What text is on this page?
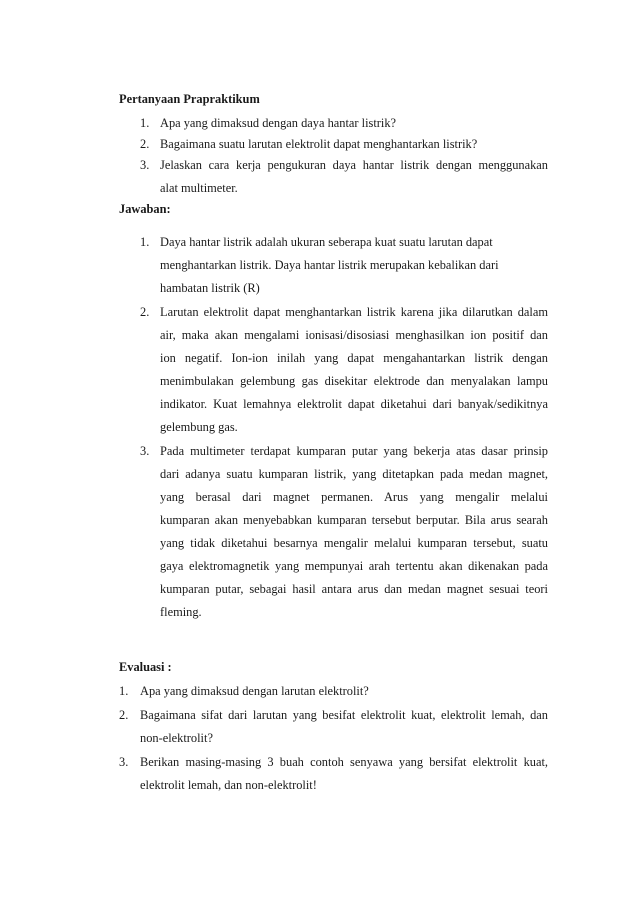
Pertanyaan Prapraktikum
1. Apa yang dimaksud dengan daya hantar listrik?
2. Bagaimana suatu larutan elektrolit dapat menghantarkan listrik?
3. Jelaskan cara kerja pengukuran daya hantar listrik dengan menggunakan
alat multimeter.
Jawaban:
1. Daya hantar listrik adalah ukuran seberapa kuat suatu larutan dapat
menghantarkan listrik. Daya hantar listrik merupakan kebalikan dari
hambatan listrik (R)
2. Larutan elektrolit dapat menghantarkan listrik karena jika dilarutkan dalam
air, maka akan mengalami ionisasi/disosiasi menghasilkan ion positif dan
ion negatif. Ion-ion inilah yang dapat mengahantarkan listrik dengan
menimbulakan gelembung gas disekitar elektrode dan menyalakan lampu
indikator. Kuat lemahnya elektrolit dapat diketahui dari banyak/sedikitnya
gelembung gas.
3. Pada multimeter terdapat kumparan putar yang bekerja atas dasar prinsip
dari adanya suatu kumparan listrik, yang ditetapkan pada medan magnet,
yang berasal dari magnet permanen. Arus yang mengalir melalui
kumparan akan menyebabkan kumparan tersebut berputar. Bila arus searah
yang tidak diketahui besarnya mengalir melalui kumparan tersebut, suatu
gaya elektromagnetik yang mempunyai arah tertentu akan dikenakan pada
kumparan putar, sebagai hasil antara arus dan medan magnet sesuai teori
fleming.
Evaluasi :
1. Apa yang dimaksud dengan larutan elektrolit?
2. Bagaimana sifat dari larutan yang besifat elektrolit kuat, elektrolit lemah, dan
non-elektrolit?
3. Berikan masing-masing 3 buah contoh senyawa yang bersifat elektrolit kuat,
elektrolit lemah, dan non-elektrolit!
